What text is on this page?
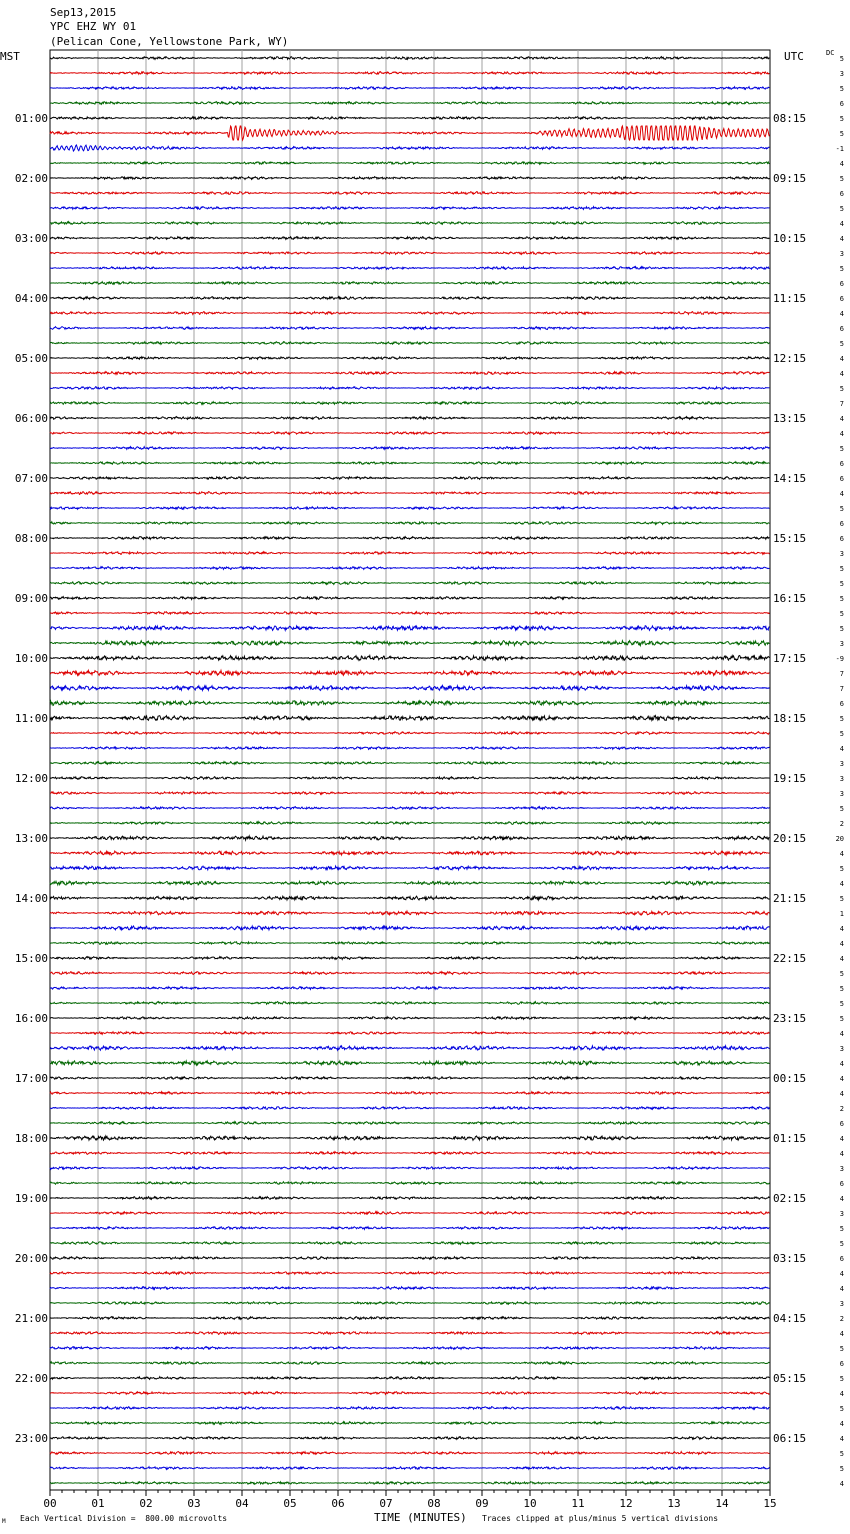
Sep13,2015
YPC EHZ WY 01
(Pelican Cone, Yellowstone Park, WY)
MST	UTC	DC
00	01	02	03	04	05	06	07	08	09	10	11	12	13	14	15
5
3
5
6
5
5
-1
4
5
6
5
4
4
3
5
6
6
4
6
5
4
4
5
7
4
4
5
6
6
4
5
6
6
3
5
5
5
5
5
3
-9
7
7
6
5
5
4
3
3
3
5
2
20
4
5
4
5
1
4
4
4
5
5
5
5
4
3
4
4
4
2
6
4
4
3
6
4
3
5
5
6
4
4
3
2
4
5
6
5
4
5
4
4
5
5
4
01:00
02:00
03:00
04:00
05:00
06:00
07:00
08:00
09:00
10:00
11:00
12:00
13:00
14:00
15:00
16:00
17:00
18:00
19:00
20:00
21:00
22:00
23:00
08:15
09:15
10:15
11:15
12:15
13:15
14:15
15:15
16:15
17:15
18:15
19:15
20:15
21:15
22:15
23:15
00:15
01:15
02:15
03:15
04:15
05:15
06:15
M Each Vertical Division =  800.00 microvolts	TIME (MINUTES) Traces clipped at plus/minus 5 vertical divisions
